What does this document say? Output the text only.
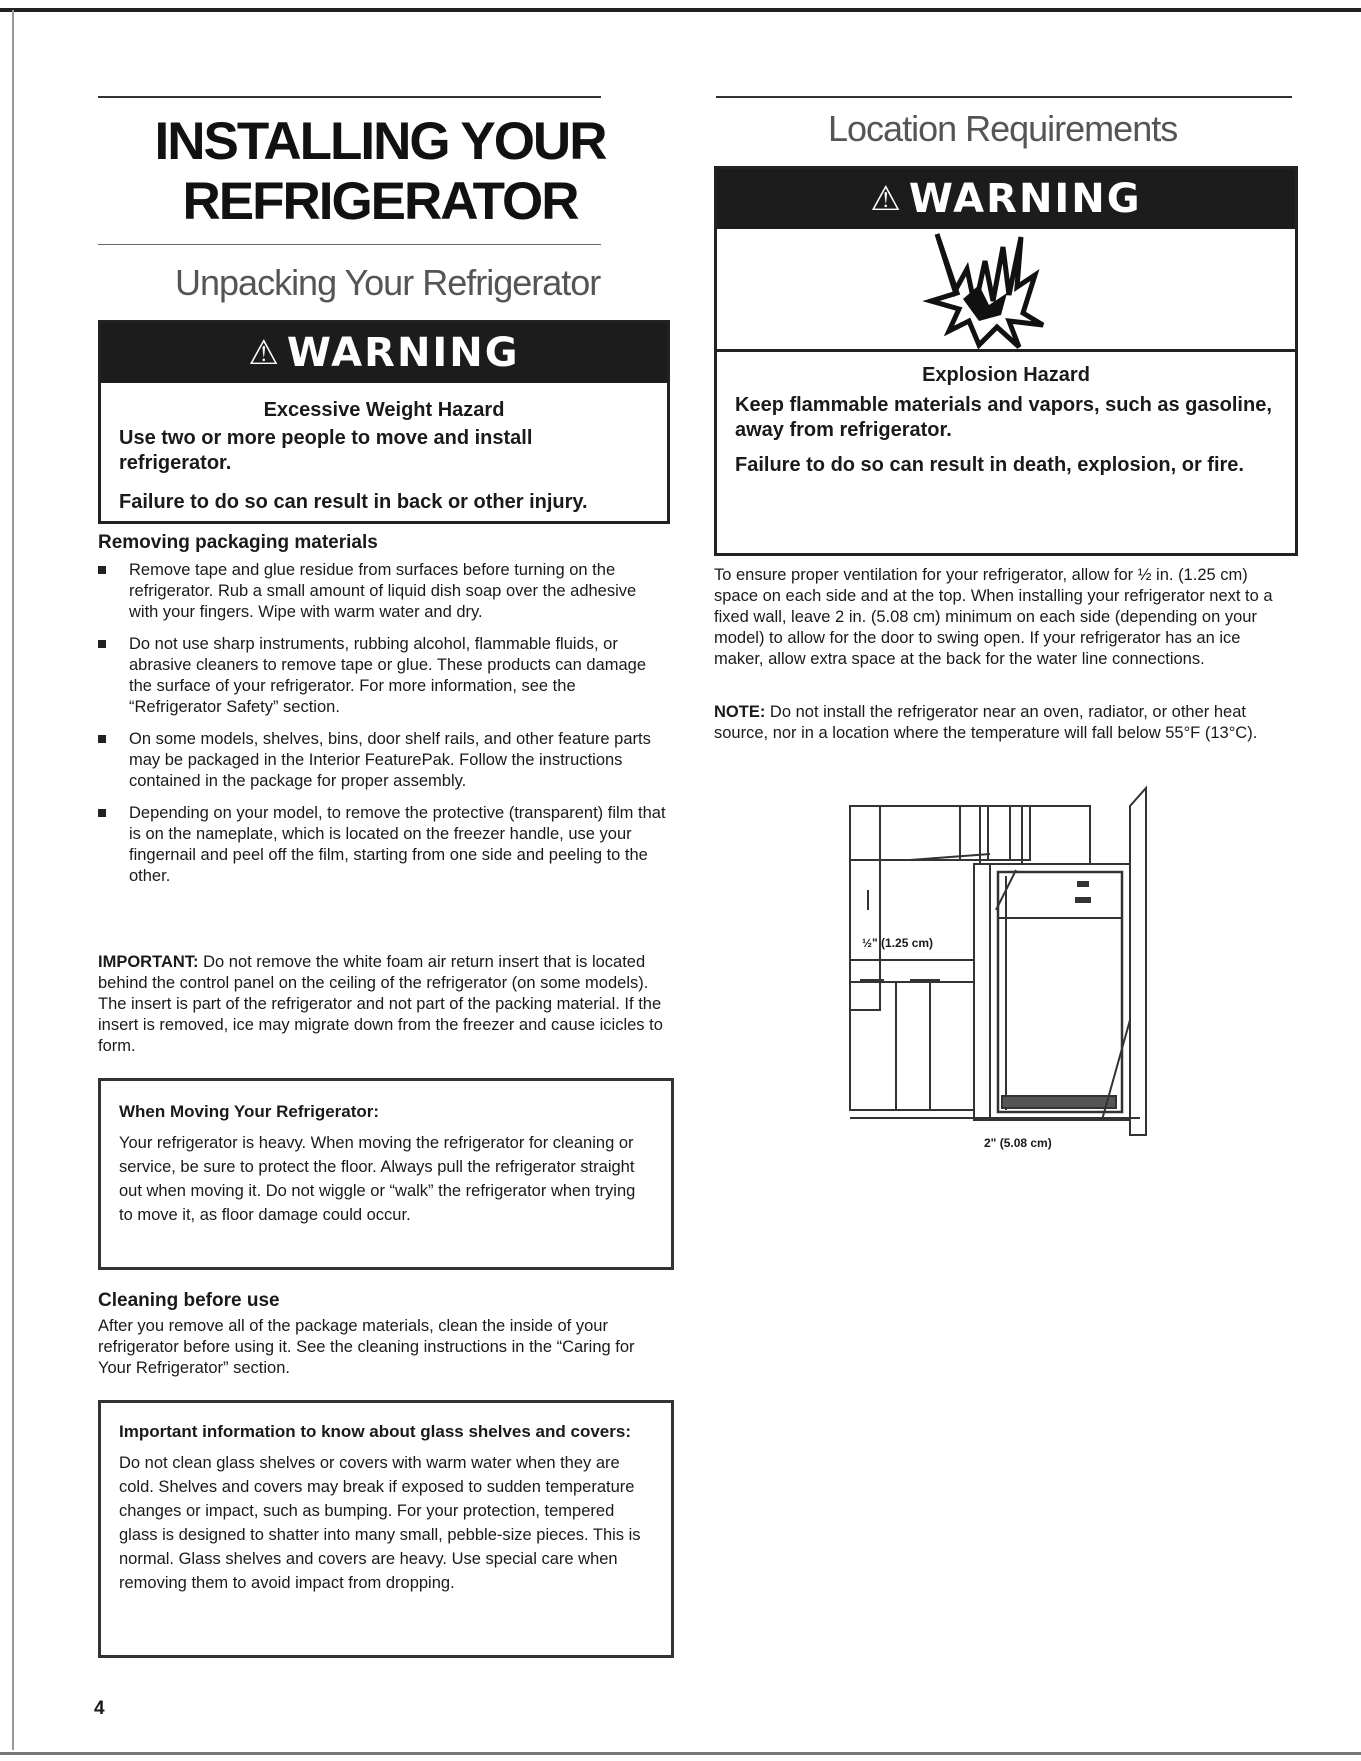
INSTALLING YOUR
REFRIGERATOR
Unpacking Your Refrigerator
⚠ WARNING
Excessive Weight Hazard

Use two or more people to move and install refrigerator.

Failure to do so can result in back or other injury.

Removing packaging materials
Remove tape and glue residue from surfaces before turning on the refrigerator. Rub a small amount of liquid dish soap over the adhesive with your fingers. Wipe with warm water and dry.
Do not use sharp instruments, rubbing alcohol, flammable fluids, or abrasive cleaners to remove tape or glue. These products can damage the surface of your refrigerator. For more information, see the “Refrigerator Safety” section.
On some models, shelves, bins, door shelf rails, and other feature parts may be packaged in the Interior FeaturePak. Follow the instructions contained in the package for proper assembly.
Depending on your model, to remove the protective (transparent) film that is on the nameplate, which is located on the freezer handle, use your fingernail and peel off the film, starting from one side and peeling to the other.

IMPORTANT: Do not remove the white foam air return insert that is located behind the control panel on the ceiling of the refrigerator (on some models). The insert is part of the refrigerator and not part of the packing material. If the insert is removed, ice may migrate down from the freezer and cause icicles to form.

When Moving Your Refrigerator:

Your refrigerator is heavy. When moving the refrigerator for cleaning or service, be sure to protect the floor. Always pull the refrigerator straight out when moving it. Do not wiggle or “walk” the refrigerator when trying to move it, as floor damage could occur.

Cleaning before use

After you remove all of the package materials, clean the inside of your refrigerator before using it. See the cleaning instructions in the “Caring for Your Refrigerator” section.

Important information to know about glass shelves and covers:

Do not clean glass shelves or covers with warm water when they are cold. Shelves and covers may break if exposed to sudden temperature changes or impact, such as bumping. For your protection, tempered glass is designed to shatter into many small, pebble-size pieces. This is normal. Glass shelves and covers are heavy. Use special care when removing them to avoid impact from dropping.

4
Location Requirements
⚠ WARNING
Explosion Hazard

Keep flammable materials and vapors, such as gasoline, away from refrigerator.

Failure to do so can result in death, explosion, or fire.

To ensure proper ventilation for your refrigerator, allow for ½ in. (1.25 cm) space on each side and at the top. When installing your refrigerator next to a fixed wall, leave 2 in. (5.08 cm) minimum on each side (depending on your model) to allow for the door to swing open. If your refrigerator has an ice maker, allow extra space at the back for the water line connections.

NOTE: Do not install the refrigerator near an oven, radiator, or other heat source, nor in a location where the temperature will fall below 55°F (13°C).

½" (1.25 cm)
2" (5.08 cm)
